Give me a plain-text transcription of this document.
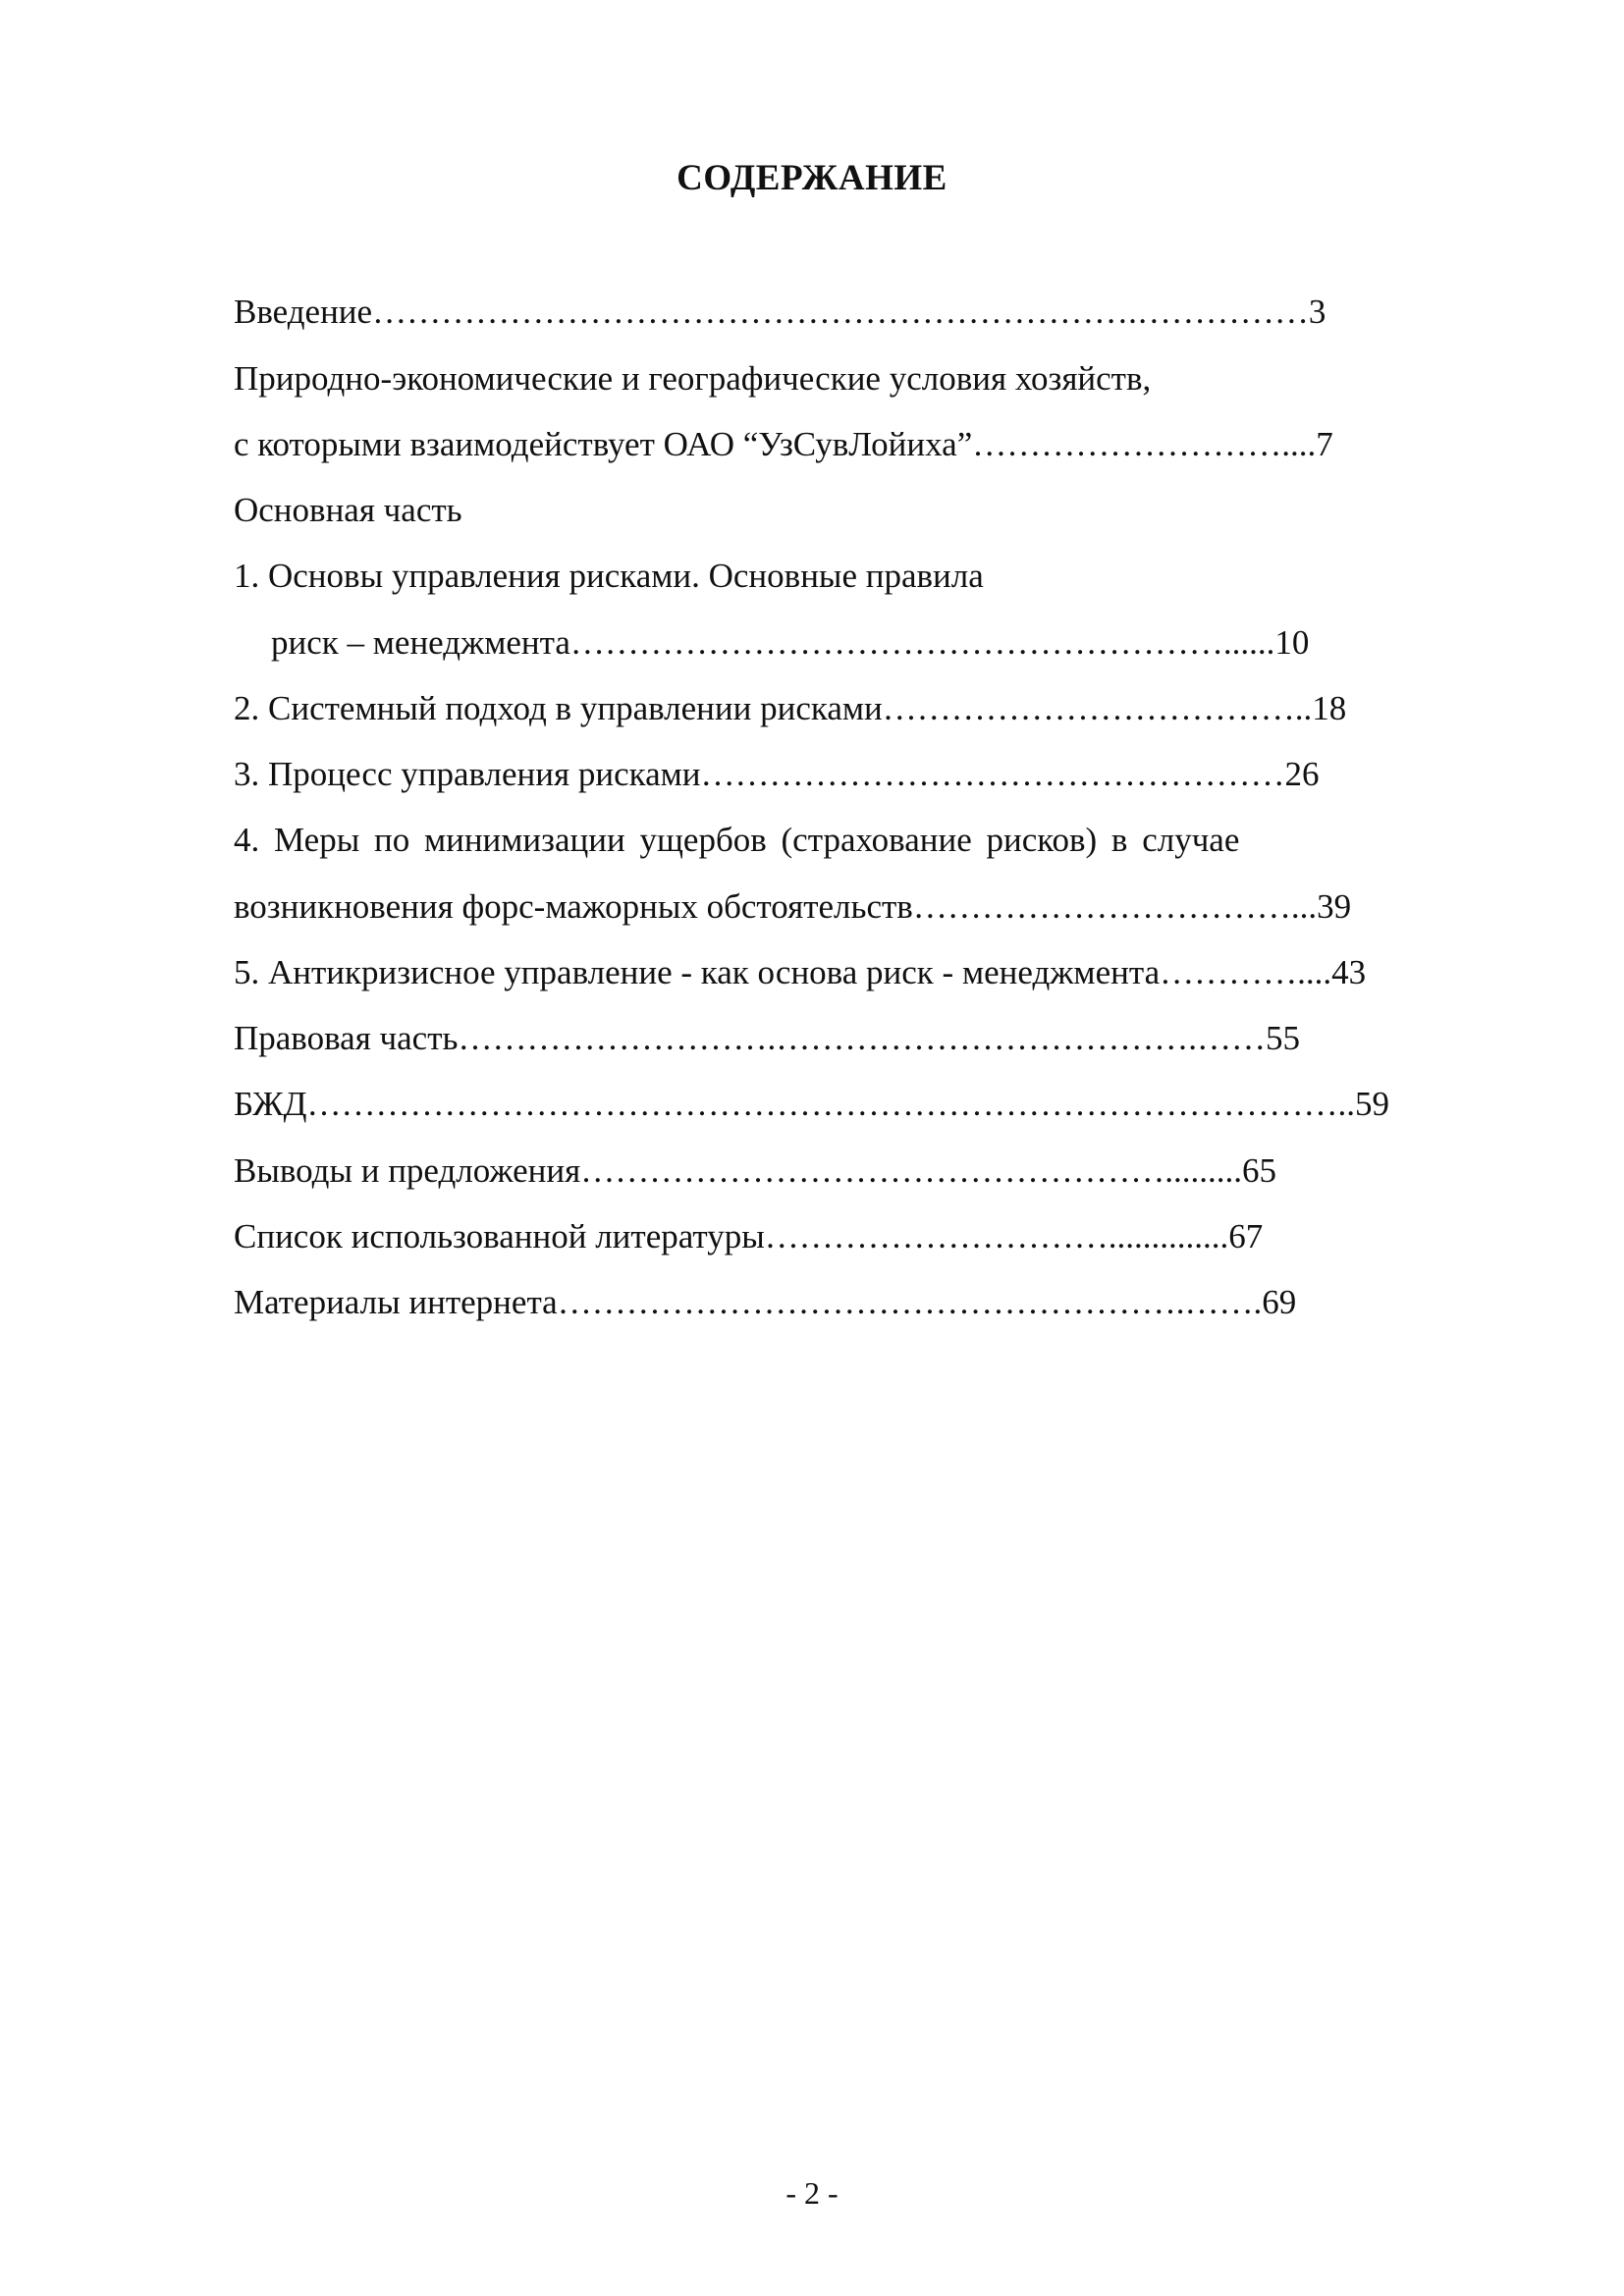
СОДЕРЖАНИЕ
Введение………………………………………………………….……………3
Природно-экономические и географические условия хозяйств,
с которыми взаимодействует ОАО “УзСувЛойиха”………………………....7
Основная часть
1. Основы управления рисками. Основные правила
риск – менеджмента…………………………………………………......10
2. Системный подход в управлении рисками………………………………..18
3. Процесс управления рисками……………………………………………26
4. Меры по минимизации ущербов (страхование рисков) в случае
возникновения форс-мажорных обстоятельств……………………………...39
5. Антикризисное управление - как основа риск - менеджмента…………....43
Правовая часть……………………….……………………………….……55
БЖД………………………………………………………………………………..59
Выводы и предложения…………………………………………….........65
Список использованной литературы…………………………..............67
Материалы интернета……………………………………………….…….69
- 2 -
